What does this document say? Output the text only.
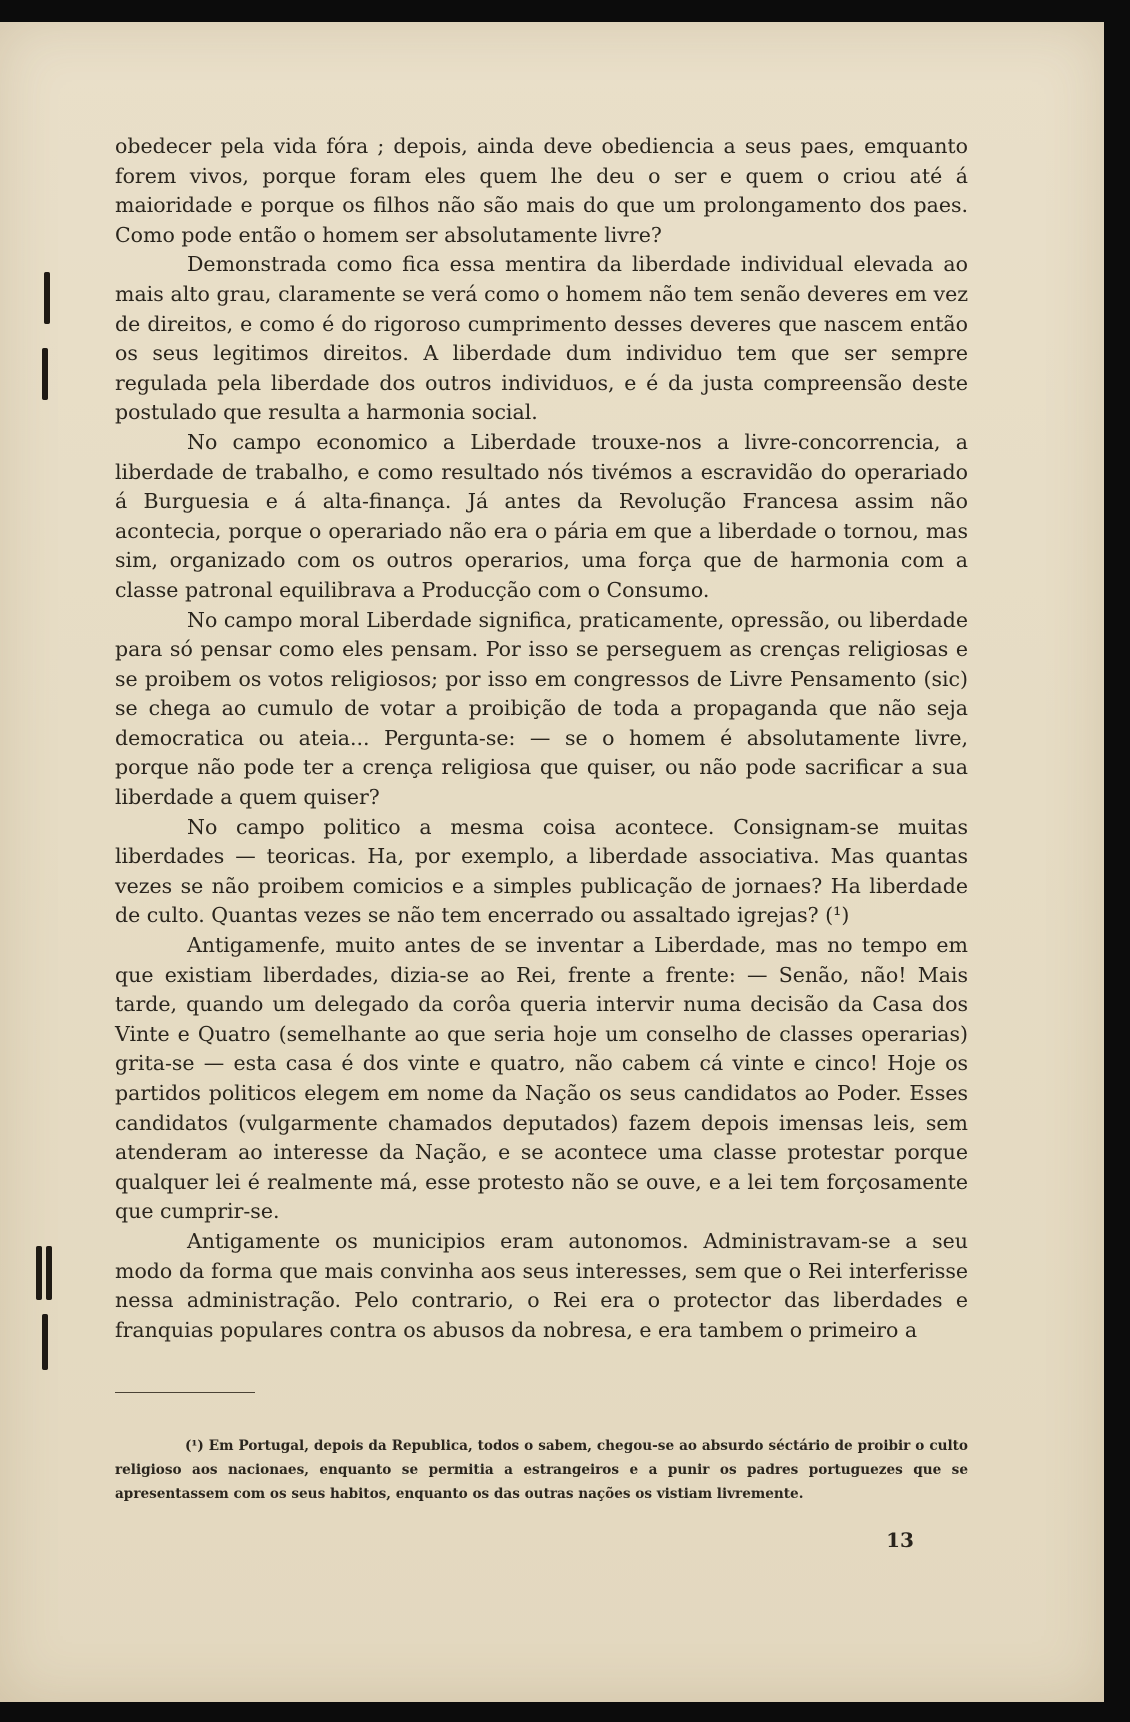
obedecer pela vida fóra ; depois, ainda deve obediencia a seus paes, emquanto forem vivos, porque foram eles quem lhe deu o ser e quem o criou até á maioridade e porque os filhos não são mais do que um prolongamento dos paes. Como pode então o homem ser absolutamente livre?

Demonstrada como fica essa mentira da liberdade individual elevada ao mais alto grau, claramente se verá como o homem não tem senão deveres em vez de direitos, e como é do rigoroso cumprimento desses deveres que nascem então os seus legitimos direitos. A liberdade dum individuo tem que ser sempre regulada pela liberdade dos outros individuos, e é da justa compreensão deste postulado que resulta a harmonia social.

No campo economico a Liberdade trouxe-nos a livre-concorrencia, a liberdade de trabalho, e como resultado nós tivémos a escravidão do operariado á Burguesia e á alta-finança. Já antes da Revolução Francesa assim não acontecia, porque o operariado não era o pária em que a liberdade o tornou, mas sim, organizado com os outros operarios, uma força que de harmonia com a classe patronal equilibrava a Producção com o Consumo.

No campo moral Liberdade significa, praticamente, opressão, ou liberdade para só pensar como eles pensam. Por isso se perseguem as crenças religiosas e se proibem os votos religiosos; por isso em congressos de Livre Pensamento (sic) se chega ao cumulo de votar a proibição de toda a propaganda que não seja democratica ou ateia... Pergunta-se: — se o homem é absolutamente livre, porque não pode ter a crença religiosa que quiser, ou não pode sacrificar a sua liberdade a quem quiser?

No campo politico a mesma coisa acontece. Consignam-se muitas liberdades — teoricas. Ha, por exemplo, a liberdade associativa. Mas quantas vezes se não proibem comicios e a simples publicação de jornaes? Ha liberdade de culto. Quantas vezes se não tem encerrado ou assaltado igrejas? (¹)

Antigamenfe, muito antes de se inventar a Liberdade, mas no tempo em que existiam liberdades, dizia-se ao Rei, frente a frente: — Senão, não! Mais tarde, quando um delegado da corôa queria intervir numa decisão da Casa dos Vinte e Quatro (semelhante ao que seria hoje um conselho de classes operarias) grita-se — esta casa é dos vinte e quatro, não cabem cá vinte e cinco! Hoje os partidos politicos elegem em nome da Nação os seus candidatos ao Poder. Esses candidatos (vulgarmente chamados deputados) fazem depois imensas leis, sem atenderam ao interesse da Nação, e se acontece uma classe protestar porque qualquer lei é realmente má, esse protesto não se ouve, e a lei tem forçosamente que cumprir-se.

Antigamente os municipios eram autonomos. Administravam-se a seu modo da forma que mais convinha aos seus interesses, sem que o Rei interferisse nessa administração. Pelo contrario, o Rei era o protector das liberdades e franquias populares contra os abusos da nobresa, e era tambem o primeiro a

(¹) Em Portugal, depois da Republica, todos o sabem, chegou-se ao absurdo séctário de proibir o culto religioso aos nacionaes, enquanto se permitia a estrangeiros e a punir os padres portuguezes que se apresentassem com os seus habitos, enquanto os das outras nações os vistiam livremente.
13
